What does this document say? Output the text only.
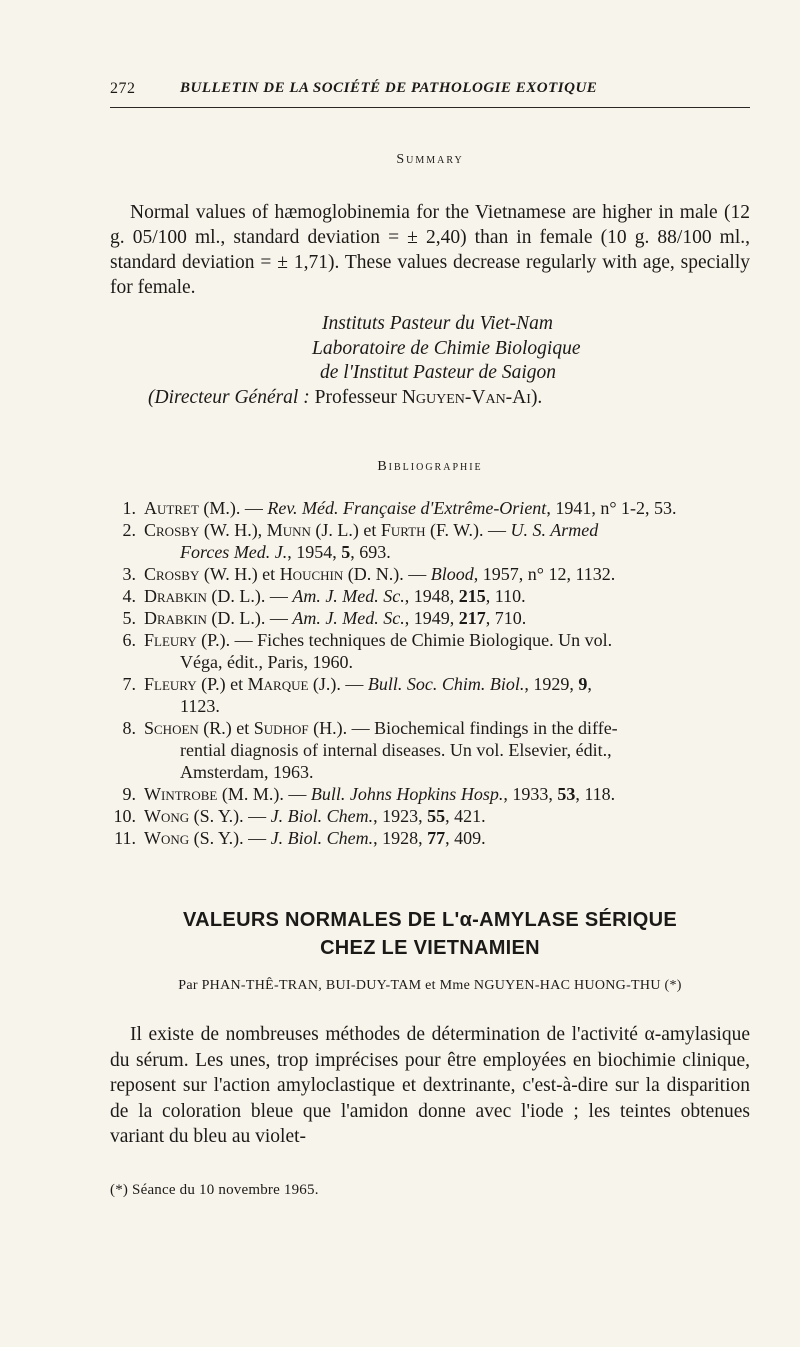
272	BULLETIN DE LA SOCIÉTÉ DE PATHOLOGIE EXOTIQUE
Summary
Normal values of hæmoglobinemia for the Vietnamese are higher in male (12 g. 05/100 ml., standard deviation = ± 2,40) than in female (10 g. 88/100 ml., standard deviation = ± 1,71). These values decrease regularly with age, specially for female.
Instituts Pasteur du Viet-Nam
Laboratoire de Chimie Biologique
de l'Institut Pasteur de Saigon
(Directeur Général : Professeur Nguyen-Van-Ai).
Bibliographie
1. Autret (M.). — Rev. Méd. Française d'Extrême-Orient, 1941, n° 1-2, 53.
2. Crosby (W. H.), Munn (J. L.) et Furth (F. W.). — U. S. Armed
Forces Med. J., 1954, 5, 693.
3. Crosby (W. H.) et Houchin (D. N.). — Blood, 1957, n° 12, 1132.
4. Drabkin (D. L.). — Am. J. Med. Sc., 1948, 215, 110.
5. Drabkin (D. L.). — Am. J. Med. Sc., 1949, 217, 710.
6. Fleury (P.). — Fiches techniques de Chimie Biologique. Un vol.
Véga, édit., Paris, 1960.
7. Fleury (P.) et Marque (J.). — Bull. Soc. Chim. Biol., 1929, 9,
1123.
8. Schoen (R.) et Sudhof (H.). — Biochemical findings in the diffe-
rential diagnosis of internal diseases. Un vol. Elsevier, édit.,
Amsterdam, 1963.
9. Wintrobe (M. M.). — Bull. Johns Hopkins Hosp., 1933, 53, 118.
10. Wong (S. Y.). — J. Biol. Chem., 1923, 55, 421.
11. Wong (S. Y.). — J. Biol. Chem., 1928, 77, 409.
VALEURS NORMALES DE L'α-AMYLASE SÉRIQUE
CHEZ LE VIETNAMIEN
Par PHAN-THÊ-TRAN, BUI-DUY-TAM et Mme NGUYEN-HAC HUONG-THU (*)
Il existe de nombreuses méthodes de détermination de l'activité α-amylasique du sérum. Les unes, trop imprécises pour être employées en biochimie clinique, reposent sur l'action amyloclastique et dextrinante, c'est-à-dire sur la disparition de la coloration bleue que l'amidon donne avec l'iode ; les teintes obtenues variant du bleu au violet-
(*) Séance du 10 novembre 1965.
